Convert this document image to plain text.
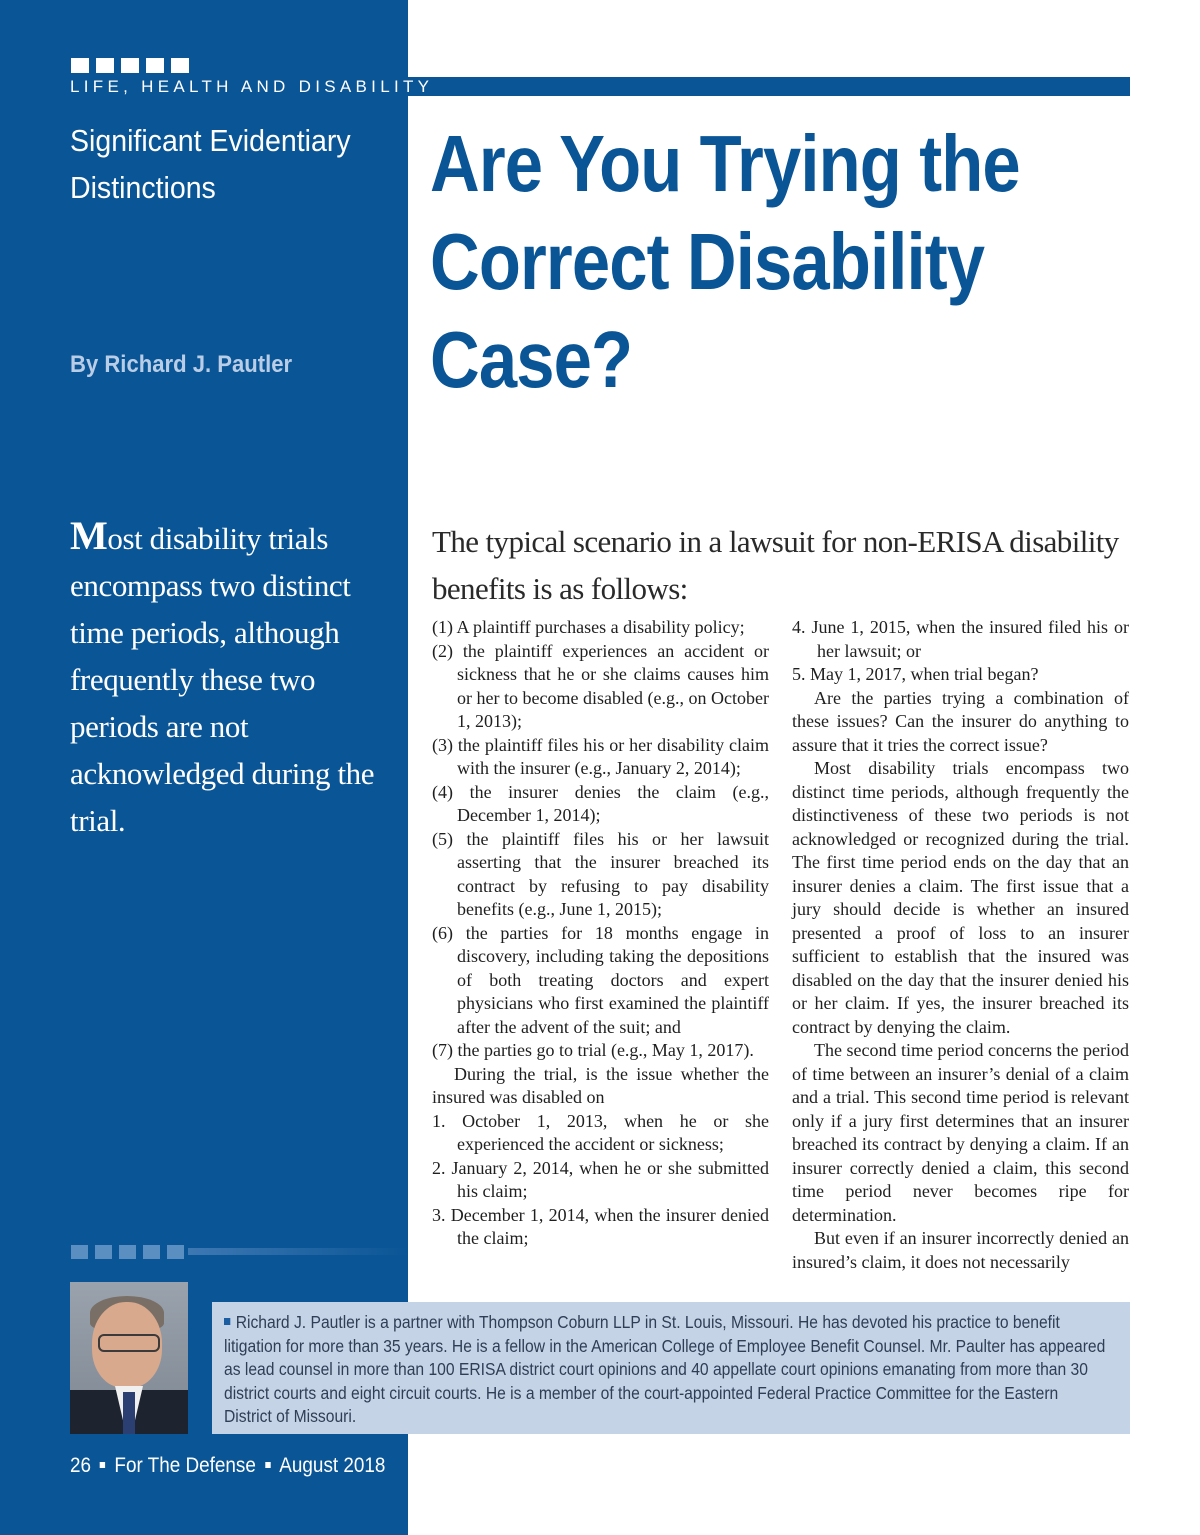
LIFE, HEALTH AND DISABILITY
Significant Evidentiary Distinctions
By Richard J. Pautler
Are You Trying the Correct Disability Case?
Most disability trials encompass two distinct time periods, although frequently these two periods are not acknowledged during the trial.
The typical scenario in a lawsuit for non-ERISA disability benefits is as follows:

(1) A plaintiff purchases a disability policy;

(2) the plaintiff experiences an accident or sickness that he or she claims causes him or her to become disabled (e.g., on October 1, 2013);

(3) the plaintiff files his or her disability claim with the insurer (e.g., January 2, 2014);

(4) the insurer denies the claim (e.g., December 1, 2014);

(5) the plaintiff files his or her lawsuit asserting that the insurer breached its contract by refusing to pay disability benefits (e.g., June 1, 2015);

(6) the parties for 18 months engage in discovery, including taking the depositions of both treating doctors and expert physicians who first examined the plaintiff after the advent of the suit; and

(7) the parties go to trial (e.g., May 1, 2017).

During the trial, is the issue whether the insured was disabled on

1. October 1, 2013, when he or she experienced the accident or sickness;

2. January 2, 2014, when he or she submitted his claim;

3. December 1, 2014, when the insurer denied the claim;

4. June 1, 2015, when the insured filed his or her lawsuit; or

5. May 1, 2017, when trial began?

Are the parties trying a combination of these issues? Can the insurer do anything to assure that it tries the correct issue?

Most disability trials encompass two distinct time periods, although frequently the distinctiveness of these two periods is not acknowledged or recognized during the trial. The first time period ends on the day that an insurer denies a claim. The first issue that a jury should decide is whether an insured presented a proof of loss to an insurer sufficient to establish that the insured was disabled on the day that the insurer denied his or her claim. If yes, the insurer breached its contract by denying the claim.

The second time period concerns the period of time between an insurer’s denial of a claim and a trial. This second time period is relevant only if a jury first determines that an insurer breached its contract by denying a claim. If an insurer correctly denied a claim, this second time period never becomes ripe for determination.

But even if an insurer incorrectly denied an insured’s claim, it does not necessarily

Richard J. Pautler is a partner with Thompson Coburn LLP in St. Louis, Missouri. He has devoted his practice to benefit litigation for more than 35 years. He is a fellow in the American College of Employee Benefit Counsel. Mr. Paulter has appeared as lead counsel in more than 100 ERISA district court opinions and 40 appellate court opinions emanating from more than 30 district courts and eight circuit courts. He is a member of the court-appointed Federal Practice Committee for the Eastern District of Missouri.
26 For The Defense August 2018
